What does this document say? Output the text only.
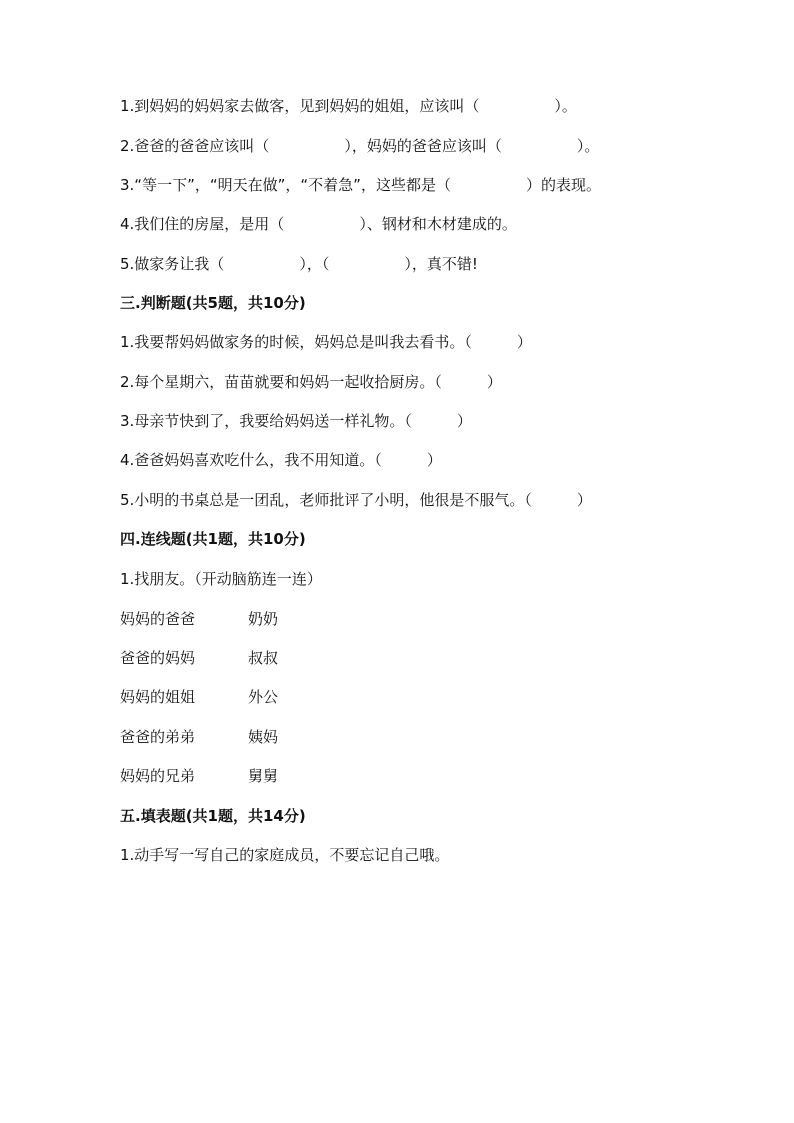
1.到妈妈的妈妈家去做客，见到妈妈的姐姐，应该叫（　　　　　）。
2.爸爸的爸爸应该叫（　　　　　），妈妈的爸爸应该叫（　　　　　）。
3.“等一下”，“明天在做”，“不着急”，这些都是（　　　　　）的表现。
4.我们住的房屋，是用（　　　　　）、钢材和木材建成的。
5.做家务让我（　　　　　），（　　　　　），真不错!
三.判断题(共5题，共10分)
1.我要帮妈妈做家务的时候，妈妈总是叫我去看书。（　　　）
2.每个星期六，苗苗就要和妈妈一起收拾厨房。（　　　）
3.母亲节快到了，我要给妈妈送一样礼物。（　　　）
4.爸爸妈妈喜欢吃什么，我不用知道。（　　　）
5.小明的书桌总是一团乱，老师批评了小明，他很是不服气。（　　　）
四.连线题(共1题，共10分)
1.找朋友。（开动脑筋连一连）
妈妈的爸爸	奶奶
爸爸的妈妈	叔叔
妈妈的姐姐	外公
爸爸的弟弟	姨妈
妈妈的兄弟	舅舅
五.填表题(共1题，共14分)
1.动手写一写自己的家庭成员，不要忘记自己哦。
